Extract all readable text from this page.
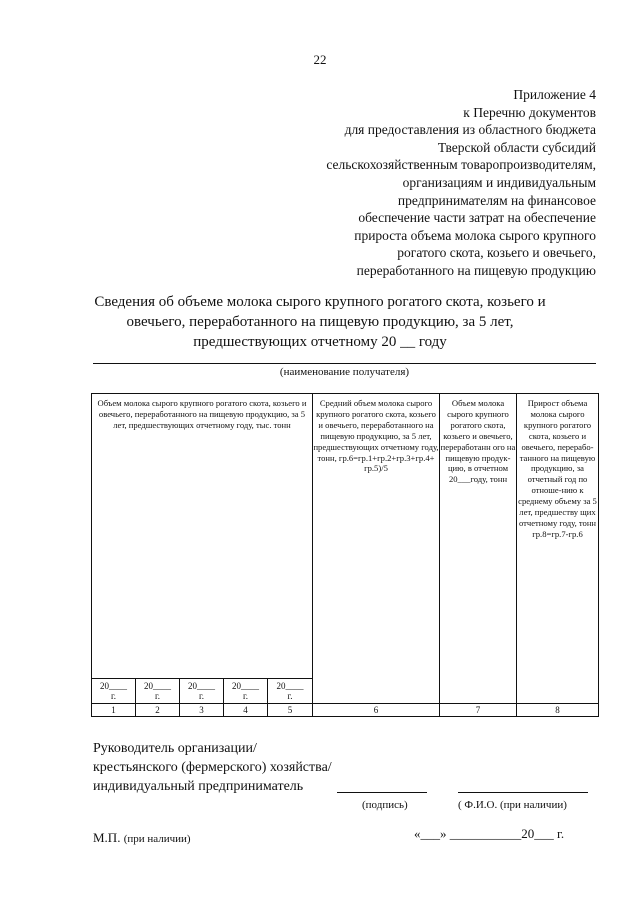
22
Приложение 4
к Перечню документов
для предоставления из областного бюджета
Тверской области субсидий
сельскохозяйственным товаропроизводителям,
организациям и индивидуальным
предпринимателям на финансовое
обеспечение части затрат на обеспечение
прироста объема молока сырого крупного
рогатого скота, козьего и овечьего,
переработанного на пищевую продукцию
Сведения об объеме молока сырого крупного рогатого скота, козьего и
овечьего, переработанного на пищевую продукцию, за 5 лет,
предшествующих отчетному 20 __ году
(наименование получателя)
Объем молока сырого крупного рогатого скота, козьего и овечьего, переработанного на пищевую продукцию, за 5 лет, предшествующих отчетному году, тыс. тонн					Средний объем молока сырого крупного рогатого скота, козьего и овечьего, переработанного на пищевую продукцию, за 5 лет, предшествующих отчетному году, тонн, гр.6=гр.1+гр.2+гр.3+гр.4+ гр.5)/5	Объем молока сырого крупного рогатого скота, козьего и овечьего, переработанн ого на пищевую продук-цию, в отчетном 20___году, тонн	Прирост объема молока сырого крупного рогатого скота, козьего и овечьего, перерабо-танного на пищевую продукцию, за отчетный год по отноше-нию к среднему объему за 5 лет, предшеству щих отчетному году, тонн гр.8=гр.7-гр.6

20____
г.	20____
г.	20____
г.	20____
г.	20____
г.			

1	2	3	4	5	6	7	8
Руководитель организации/
крестьянского (фермерского) хозяйства/
индивидуальный предприниматель
(подпись)	( Ф.И.О. (при наличии)
М.П. (при наличии)	«___» ___________20___ г.
